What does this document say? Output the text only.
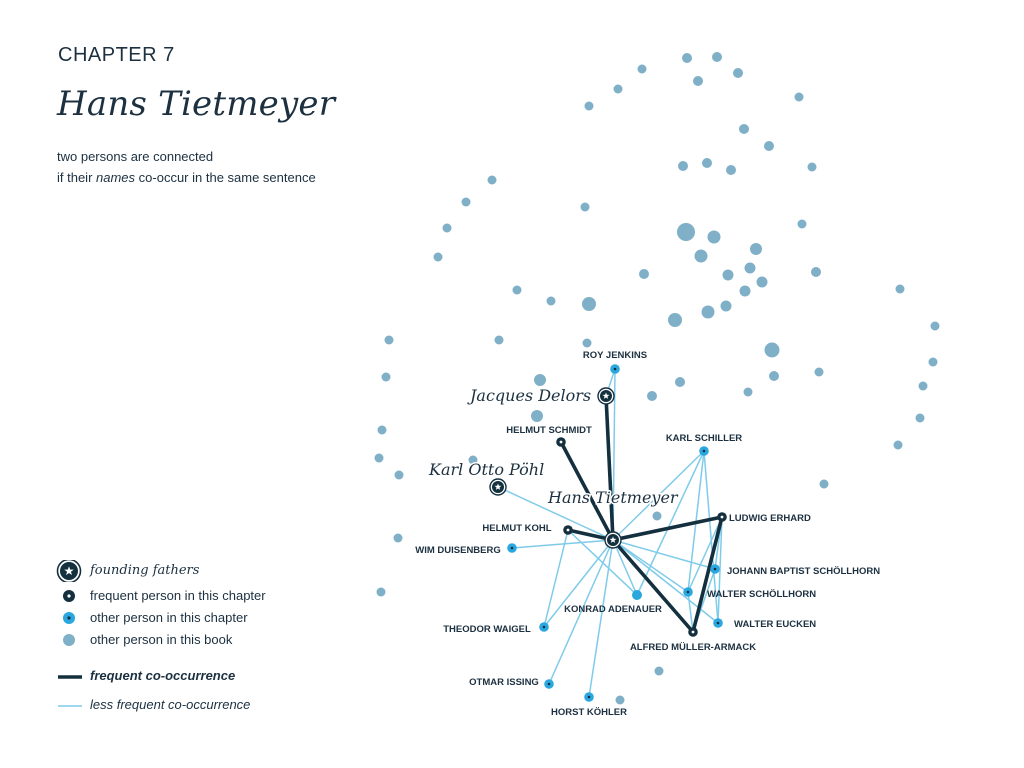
Hans Tietmeyer
Jacques Delors
Karl Otto Pöhl
ROY JENKINS
HELMUT SCHMIDT
KARL SCHILLER
HELMUT KOHL
LUDWIG ERHARD
WIM DUISENBERG
JOHANN BAPTIST SCHÖLLHORN
WALTER SCHÖLLHORN
KONRAD ADENAUER
WALTER EUCKEN
THEODOR WAIGEL
ALFRED MÜLLER-ARMACK
OTMAR ISSING
HORST KÖHLER
CHAPTER 7
Hans Tietmeyer
two persons are connected
if their names co-occur in the same sentence
founding fathers
frequent person in this chapter
other person in this chapter
other person in this book
frequent co-occurrence
less frequent co-occurrence
